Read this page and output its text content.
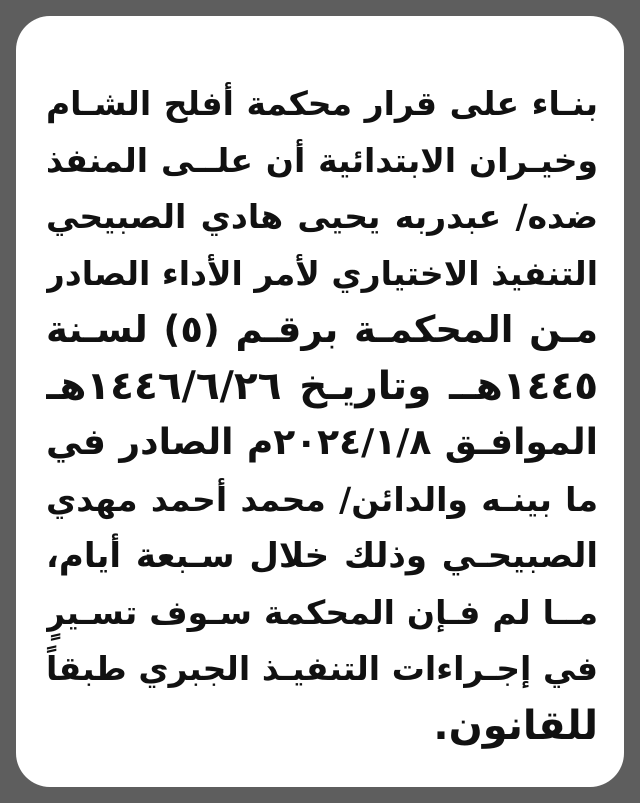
بنـاء على قرار محكمة أفلح الشـام
وخيـران الابتدائية أن علــى المنفذ
ضده/ عبدربه يحيى هادي الصبيحي
التنفيذ الاختياري لأمر الأداء الصادر
مـن المحكمـة برقـم (٥) لسـنة
١٤٤٥هــ وتاريـخ ١٤٤٦/٦/٢٦هـ
الموافـق ٢٠٢٤/١/٨م الصادر في
ما بينـه والدائن/ محمد أحمد مهدي
الصبيحـي وذلك خلال سـبعة أيام،
مــا لم فـإن المحكمة سـوف تسـيرٍ
في إجـراءات التنفيـذ الجبري طبقاً
للقانون.
